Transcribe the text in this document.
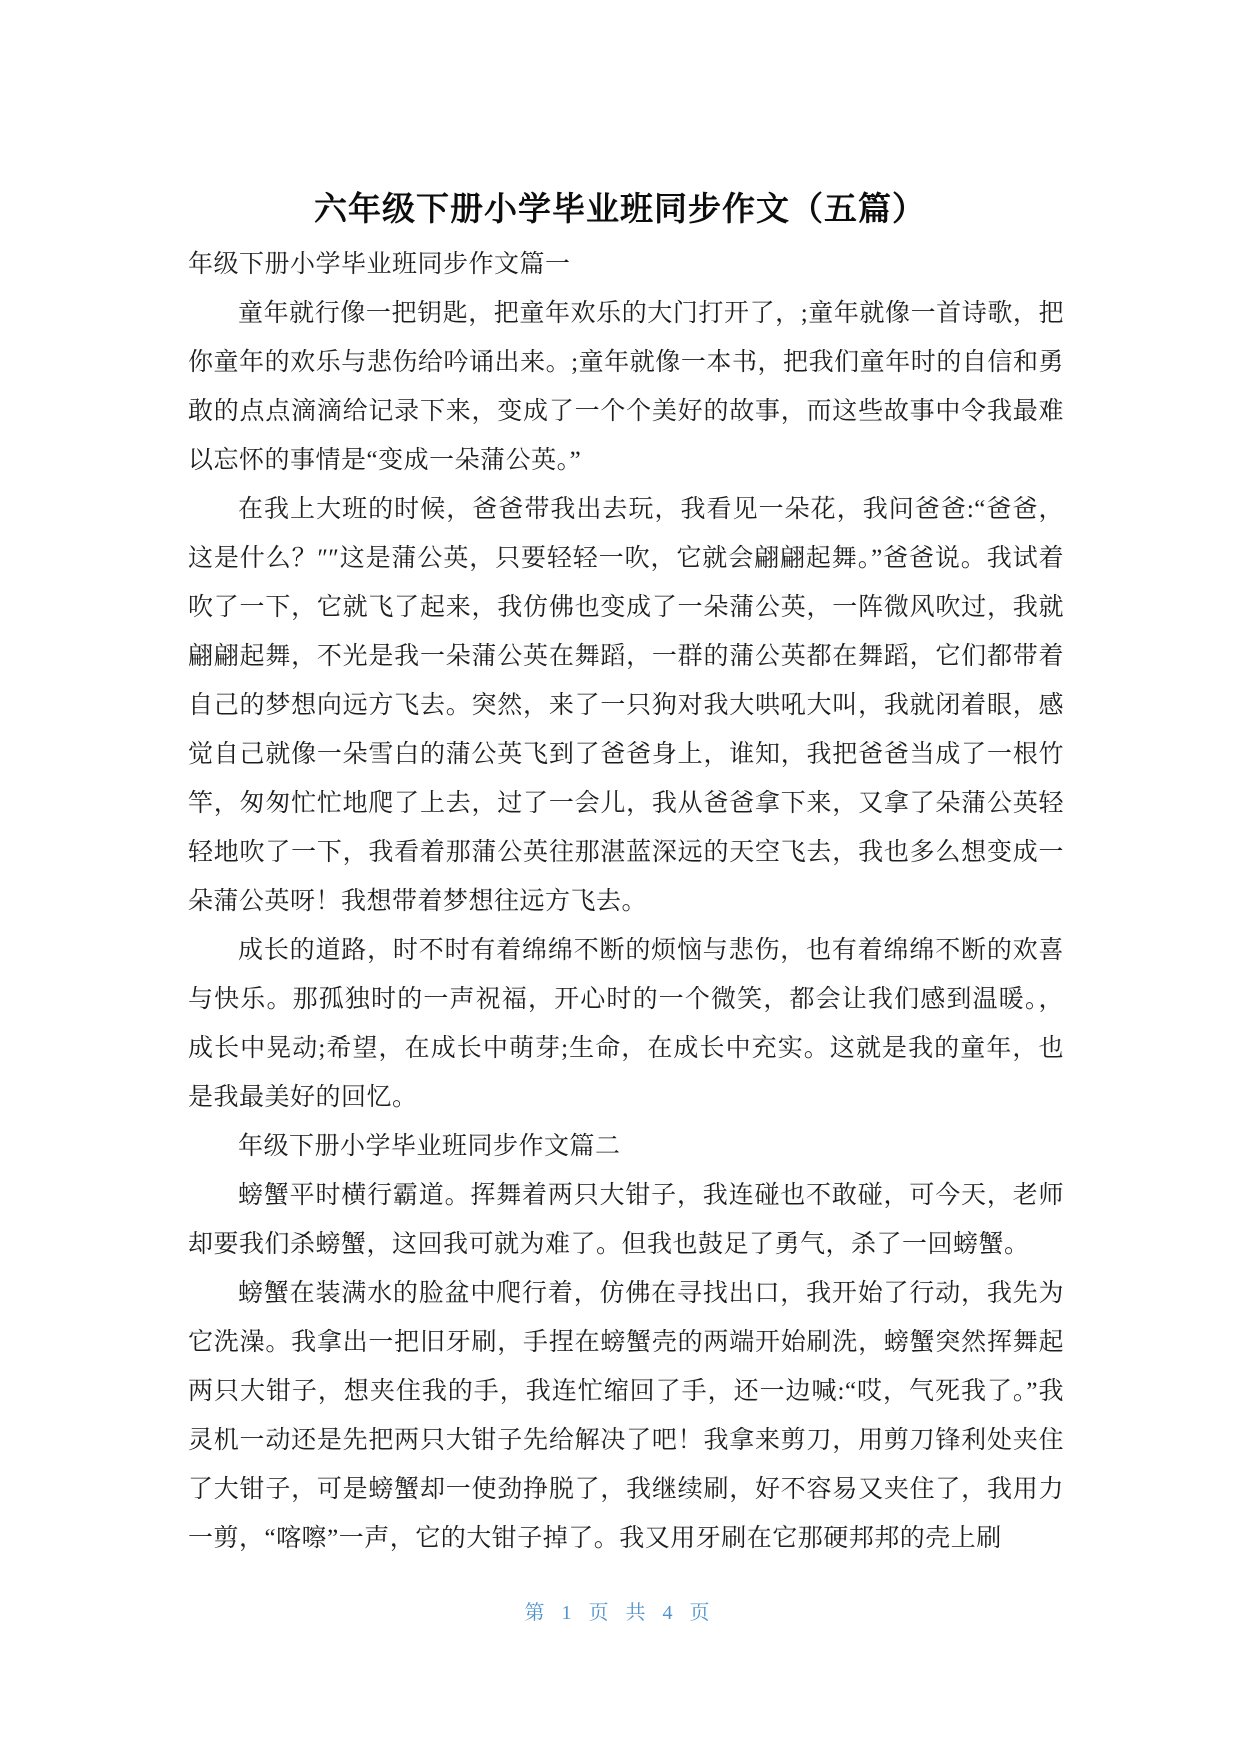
六年级下册小学毕业班同步作文（五篇）

年级下册小学毕业班同步作文篇一

童年就行像一把钥匙，把童年欢乐的大门打开了，;童年就像一首诗歌，把你童年的欢乐与悲伤给吟诵出来。;童年就像一本书，把我们童年时的自信和勇敢的点点滴滴给记录下来，变成了一个个美好的故事，而这些故事中令我最难以忘怀的事情是“变成一朵蒲公英。”

在我上大班的时候，爸爸带我出去玩，我看见一朵花，我问爸爸:“爸爸，这是什么？″″这是蒲公英，只要轻轻一吹，它就会翩翩起舞。”爸爸说。我试着吹了一下，它就飞了起来，我仿佛也变成了一朵蒲公英，一阵微风吹过，我就翩翩起舞，不光是我一朵蒲公英在舞蹈，一群的蒲公英都在舞蹈，它们都带着自己的梦想向远方飞去。突然，来了一只狗对我大哄吼大叫，我就闭着眼，感觉自己就像一朵雪白的蒲公英飞到了爸爸身上，谁知，我把爸爸当成了一根竹竿，匆匆忙忙地爬了上去，过了一会儿，我从爸爸拿下来，又拿了朵蒲公英轻轻地吹了一下，我看着那蒲公英往那湛蓝深远的天空飞去，我也多么想变成一朵蒲公英呀！我想带着梦想往远方飞去。

成长的道路，时不时有着绵绵不断的烦恼与悲伤，也有着绵绵不断的欢喜与快乐。那孤独时的一声祝福，开心时的一个微笑，都会让我们感到温暖。，成长中晃动;希望，在成长中萌芽;生命，在成长中充实。这就是我的童年，也是我最美好的回忆。

年级下册小学毕业班同步作文篇二

螃蟹平时横行霸道。挥舞着两只大钳子，我连碰也不敢碰，可今天，老师却要我们杀螃蟹，这回我可就为难了。但我也鼓足了勇气，杀了一回螃蟹。

螃蟹在装满水的脸盆中爬行着，仿佛在寻找出口，我开始了行动，我先为它洗澡。我拿出一把旧牙刷，手捏在螃蟹壳的两端开始刷洗，螃蟹突然挥舞起两只大钳子，想夹住我的手，我连忙缩回了手，还一边喊:“哎，气死我了。”我灵机一动还是先把两只大钳子先给解决了吧！我拿来剪刀，用剪刀锋利处夹住了大钳子，可是螃蟹却一使劲挣脱了，我继续刷，好不容易又夹住了，我用力一剪，“喀嚓”一声，它的大钳子掉了。我又用牙刷在它那硬邦邦的壳上刷

第 1 页 共 4 页
